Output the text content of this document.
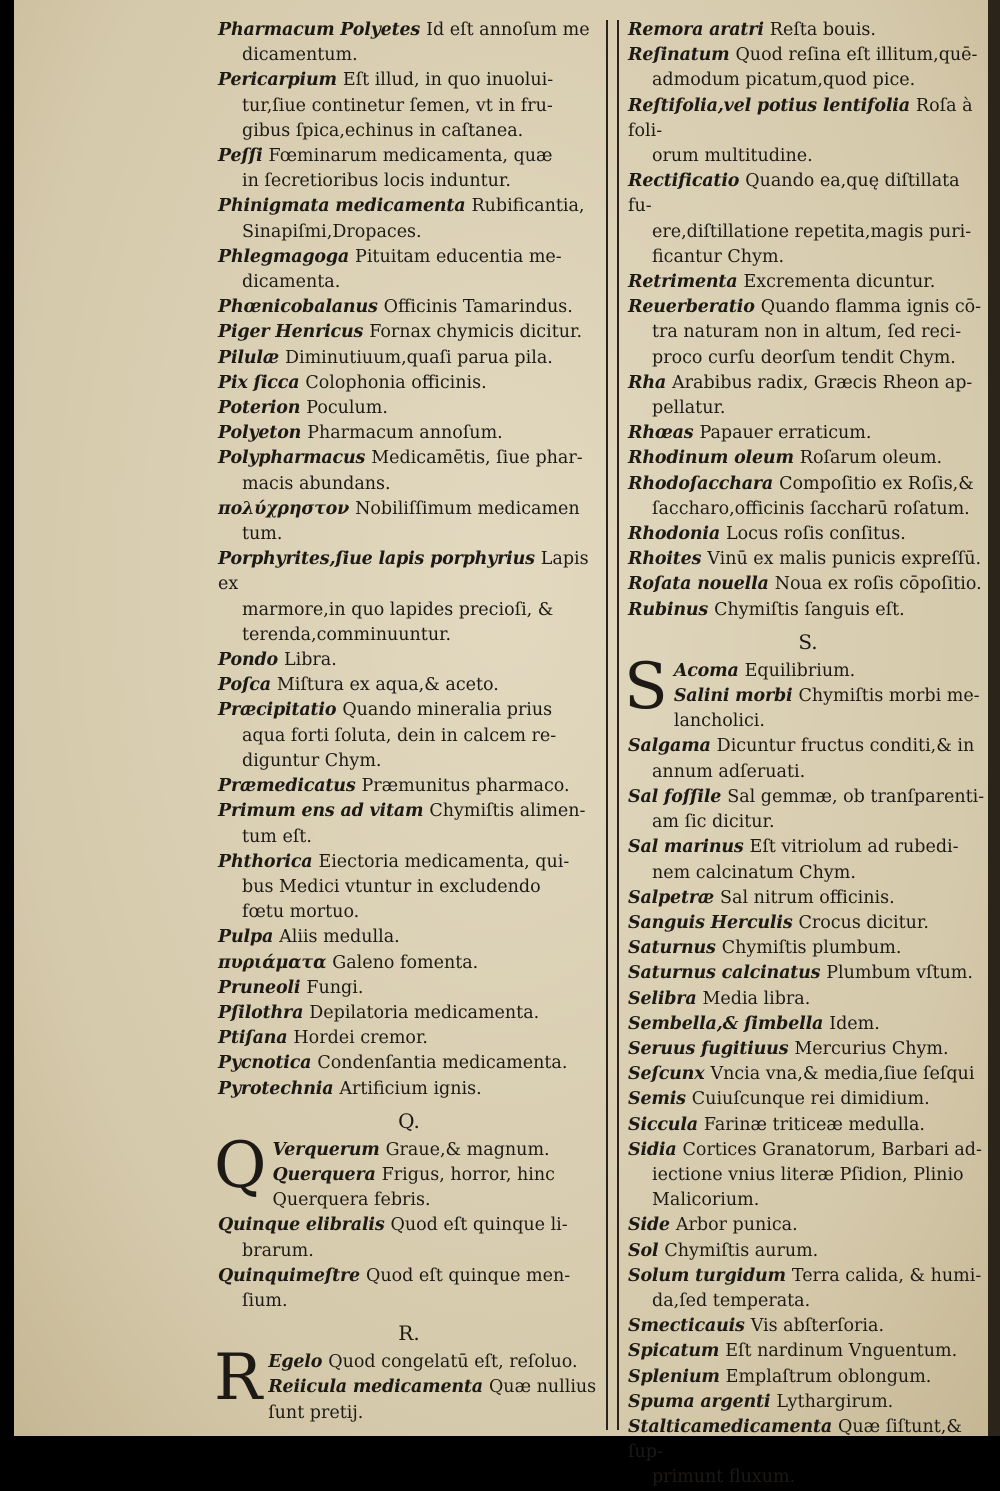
Pharmacum Polyetes Id eſt annoſum me
dicamentum.

Pericarpium Eſt illud, in quo inuolui-
tur,ſiue continetur ſemen, vt in fru-
gibus ſpica,echinus in caſtanea.

Peſſi Fœminarum medicamenta, quæ
in ſecretioribus locis induntur.

Phinigmata medicamenta Rubificantia,
Sinapiſmi,Dropaces.

Phlegmagoga Pituitam educentia me-
dicamenta.

Phœnicobalanus Officinis Tamarindus.

Piger Henricus Fornax chymicis dicitur.

Pilulæ Diminutiuum,quaſi parua pila.

Pix ſicca Colophonia officinis.

Poterion Poculum.

Polyeton Pharmacum annoſum.

Polypharmacus Medicamētis, ſiue phar-
macis abundans.

πολύχρηστον Nobiliſſimum medicamen
tum.

Porphyrites,ſiue lapis porphyrius Lapis ex
marmore,in quo lapides precioſi, &
terenda,comminuuntur.

Pondo Libra.

Poſca Miſtura ex aqua,& aceto.

Præcipitatio Quando mineralia prius
aqua forti ſoluta, dein in calcem re-
diguntur Chym.

Præmedicatus Præmunitus pharmaco.

Primum ens ad vitam Chymiſtis alimen-
tum eſt.

Phthorica Eiectoria medicamenta, qui-
bus Medici vtuntur in excludendo
fœtu mortuo.

Pulpa Aliis medulla.

πυριάματα Galeno fomenta.

Pruneoli Fungi.

Pſilothra Depilatoria medicamenta.

Ptiſana Hordei cremor.

Pycnotica Condenſantia medicamenta.

Pyrotechnia Artificium ignis.

Q.
Q Verquerum Graue,& magnum.

Querquera Frigus, horror, hinc
Querquera febris.

Quinque elibralis Quod eſt quinque li-
brarum.

Quinquimeſtre Quod eſt quinque men-
ſium.

R.
R Egelo Quod congelatū eſt, reſoluo.

Reiicula medicamenta Quæ nullius
ſunt pretij.

Remora aratri Reſta bouis.

Reſinatum Quod reſina eſt illitum,quē-
admodum picatum,quod pice.

Reſtifolia,vel potius lentifolia Roſa à foli-
orum multitudine.

Rectificatio Quando ea,quę diſtillata fu-
ere,diſtillatione repetita,magis puri-
ficantur Chym.

Retrimenta Excrementa dicuntur.

Reuerberatio Quando flamma ignis cō-
tra naturam non in altum, ſed reci-
proco curſu deorſum tendit Chym.

Rha Arabibus radix, Græcis Rheon ap-
pellatur.

Rhœas Papauer erraticum.

Rhodinum oleum Roſarum oleum.

Rhodoſacchara Compoſitio ex Roſis,&
ſaccharo,officinis ſaccharū roſatum.

Rhodonia Locus roſis conſitus.

Rhoites Vinū ex malis punicis expreſſū.

Roſata nouella Noua ex roſis cōpoſitio.

Rubinus Chymiſtis ſanguis eſt.

S.
S Acoma Equilibrium.

Salini morbi Chymiſtis morbi me-
lancholici.

Salgama Dicuntur fructus conditi,& in
annum adſeruati.

Sal foſſile Sal gemmæ, ob tranſparenti-
am ſic dicitur.

Sal marinus Eſt vitriolum ad rubedi-
nem calcinatum Chym.

Salpetræ Sal nitrum officinis.

Sanguis Herculis Crocus dicitur.

Saturnus Chymiſtis plumbum.

Saturnus calcinatus Plumbum vſtum.

Selibra Media libra.

Sembella,& ſimbella Idem.

Seruus fugitiuus Mercurius Chym.

Seſcunx Vncia vna,& media,ſiue ſeſqui

Semis Cuiuſcunque rei dimidium.

Siccula Farinæ triticeæ medulla.

Sidia Cortices Granatorum, Barbari ad-
iectione vnius literæ Pſidion, Plinio
Malicorium.

Side Arbor punica.

Sol Chymiſtis aurum.

Solum turgidum Terra calida, & humi-
da,ſed temperata.

Smecticauis Vis abſterſoria.

Spicatum Eſt nardinum Vnguentum.

Splenium Emplaſtrum oblongum.

Spuma argenti Lythargirum.

Stalticamedicamenta Quæ ſiſtunt,& ſup-
primunt fluxum.
